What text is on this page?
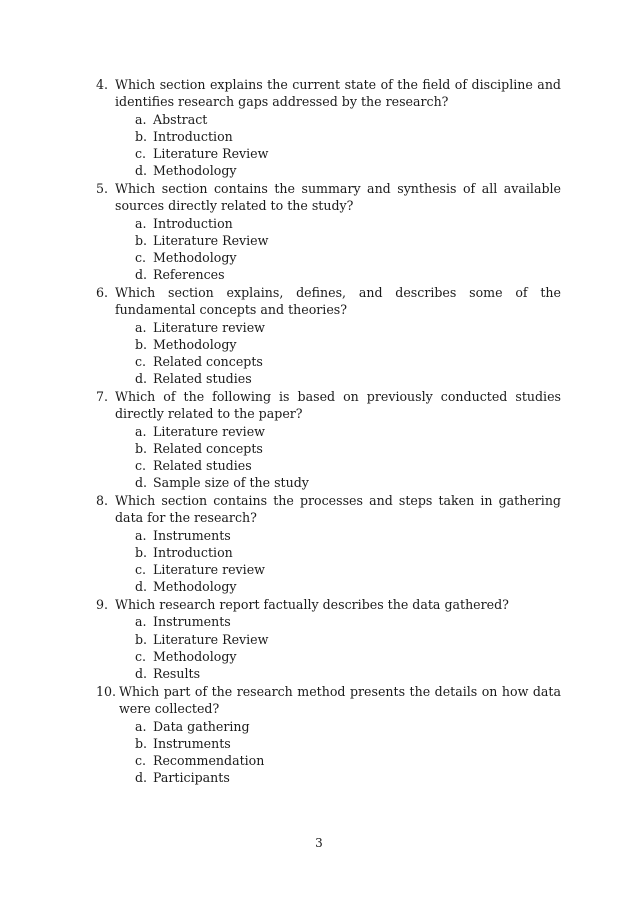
4. Which section explains the current state of the field of discipline and identifies research gaps addressed by the research?
a. Abstract
b. Introduction
c. Literature Review
d. Methodology
5. Which section contains the summary and synthesis of all available sources directly related to the study?
a. Introduction
b. Literature Review
c. Methodology
d. References
6. Which section explains, defines, and describes some of the fundamental concepts and theories?
a. Literature review
b. Methodology
c. Related concepts
d. Related studies
7. Which of the following is based on previously conducted studies directly related to the paper?
a. Literature review
b. Related concepts
c. Related studies
d. Sample size of the study
8. Which section contains the processes and steps taken in gathering data for the research?
a. Instruments
b. Introduction
c. Literature review
d. Methodology
9. Which research report factually describes the data gathered?
a. Instruments
b. Literature Review
c. Methodology
d. Results
10. Which part of the research method presents the details on how data were collected?
a. Data gathering
b. Instruments
c. Recommendation
d. Participants
3
